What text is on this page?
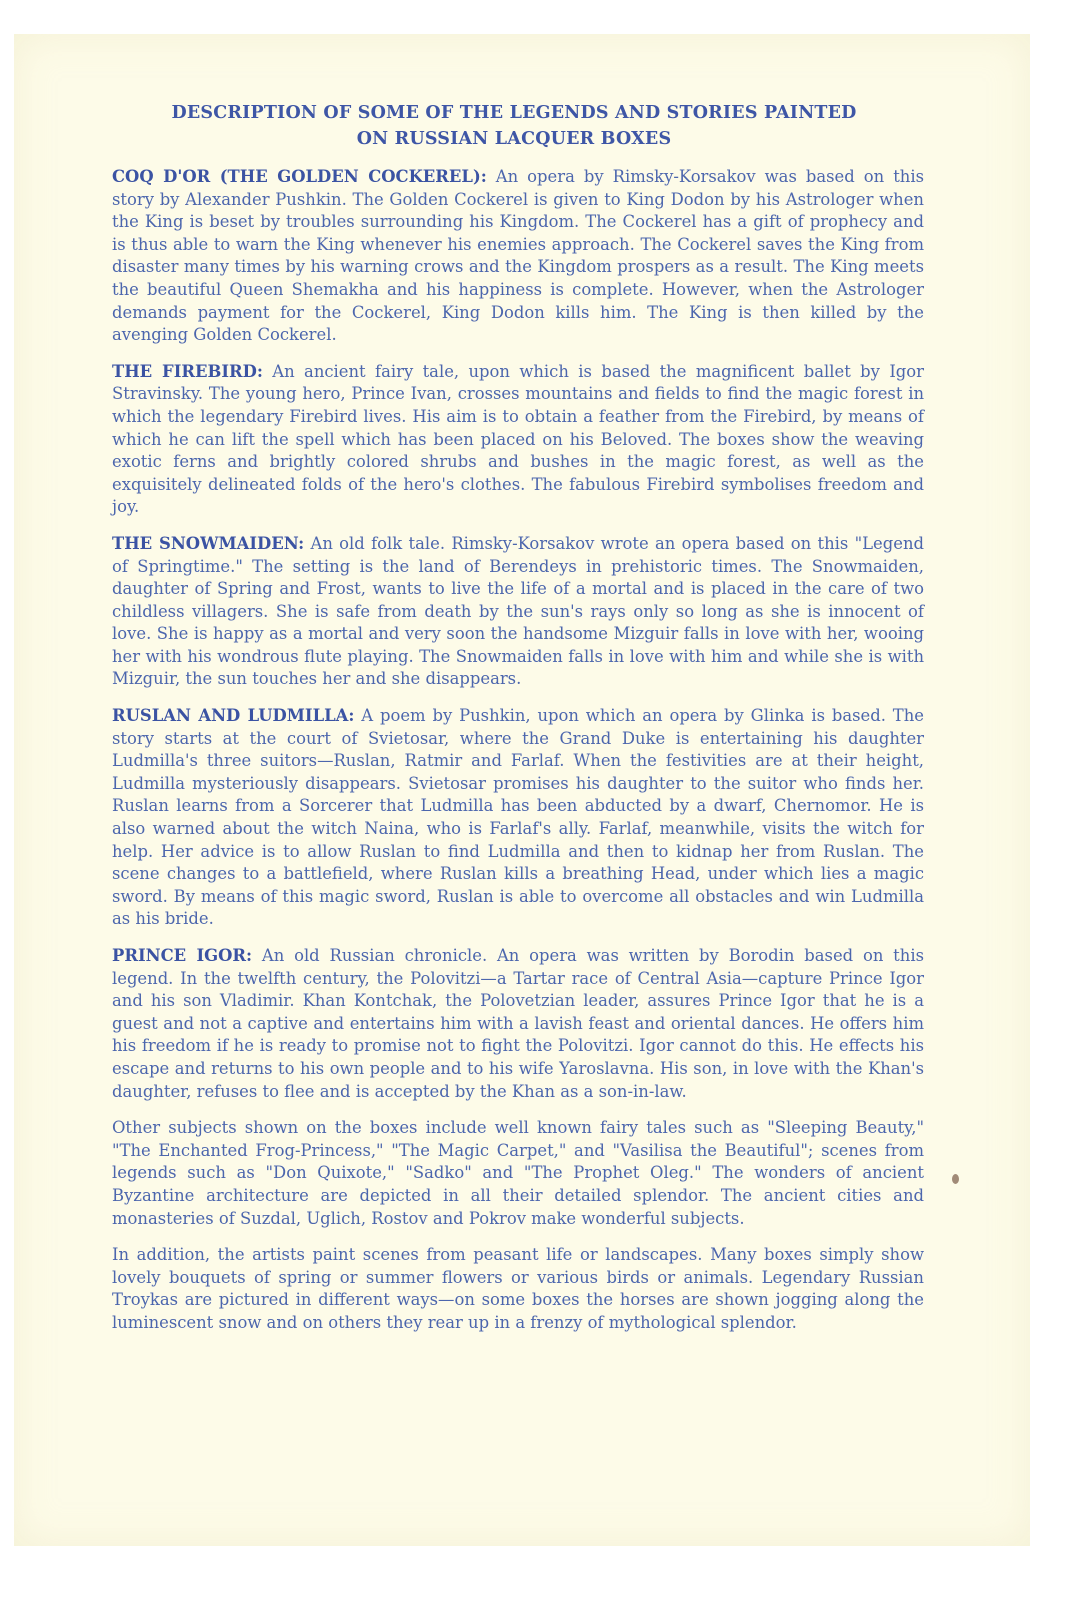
DESCRIPTION OF SOME OF THE LEGENDS AND STORIES PAINTED
ON RUSSIAN LACQUER BOXES

COQ D'OR (THE GOLDEN COCKEREL): An opera by Rimsky-Korsakov was based on this story by Alexander Pushkin. The Golden Cockerel is given to King Dodon by his Astrologer when the King is beset by troubles surrounding his Kingdom. The Cockerel has a gift of prophecy and is thus able to warn the King whenever his enemies approach. The Cockerel saves the King from disaster many times by his warning crows and the Kingdom prospers as a result. The King meets the beautiful Queen Shemakha and his happiness is complete. However, when the Astrologer demands payment for the Cockerel, King Dodon kills him. The King is then killed by the avenging Golden Cockerel.

THE FIREBIRD: An ancient fairy tale, upon which is based the magnificent ballet by Igor Stravinsky. The young hero, Prince Ivan, crosses mountains and fields to find the magic forest in which the legendary Firebird lives. His aim is to obtain a feather from the Firebird, by means of which he can lift the spell which has been placed on his Beloved. The boxes show the weaving exotic ferns and brightly colored shrubs and bushes in the magic forest, as well as the exquisitely delineated folds of the hero's clothes. The fabulous Firebird symbolises freedom and joy.

THE SNOWMAIDEN: An old folk tale. Rimsky-Korsakov wrote an opera based on this "Legend of Springtime." The setting is the land of Berendeys in prehistoric times. The Snowmaiden, daughter of Spring and Frost, wants to live the life of a mortal and is placed in the care of two childless villagers. She is safe from death by the sun's rays only so long as she is innocent of love. She is happy as a mortal and very soon the handsome Mizguir falls in love with her, wooing her with his wondrous flute playing. The Snowmaiden falls in love with him and while she is with Mizguir, the sun touches her and she disappears.

RUSLAN AND LUDMILLA: A poem by Pushkin, upon which an opera by Glinka is based. The story starts at the court of Svietosar, where the Grand Duke is entertaining his daughter Ludmilla's three suitors—Ruslan, Ratmir and Farlaf. When the festivities are at their height, Ludmilla mysteriously disappears. Svietosar promises his daughter to the suitor who finds her. Ruslan learns from a Sorcerer that Ludmilla has been abducted by a dwarf, Chernomor. He is also warned about the witch Naina, who is Farlaf's ally. Farlaf, meanwhile, visits the witch for help. Her advice is to allow Ruslan to find Ludmilla and then to kidnap her from Ruslan. The scene changes to a battlefield, where Ruslan kills a breathing Head, under which lies a magic sword. By means of this magic sword, Ruslan is able to overcome all obstacles and win Ludmilla as his bride.

PRINCE IGOR: An old Russian chronicle. An opera was written by Borodin based on this legend. In the twelfth century, the Polovitzi—a Tartar race of Central Asia—capture Prince Igor and his son Vladimir. Khan Kontchak, the Polovetzian leader, assures Prince Igor that he is a guest and not a captive and entertains him with a lavish feast and oriental dances. He offers him his freedom if he is ready to promise not to fight the Polovitzi. Igor cannot do this. He effects his escape and returns to his own people and to his wife Yaroslavna. His son, in love with the Khan's daughter, refuses to flee and is accepted by the Khan as a son-in-law.

Other subjects shown on the boxes include well known fairy tales such as "Sleeping Beauty," "The Enchanted Frog-Princess," "The Magic Carpet," and "Vasilisa the Beautiful"; scenes from legends such as "Don Quixote," "Sadko" and "The Prophet Oleg." The wonders of ancient Byzantine architecture are depicted in all their detailed splendor. The ancient cities and monasteries of Suzdal, Uglich, Rostov and Pokrov make wonderful subjects.

In addition, the artists paint scenes from peasant life or landscapes. Many boxes simply show lovely bouquets of spring or summer flowers or various birds or animals. Legendary Russian Troykas are pictured in different ways—on some boxes the horses are shown jogging along the luminescent snow and on others they rear up in a frenzy of mythological splendor.
